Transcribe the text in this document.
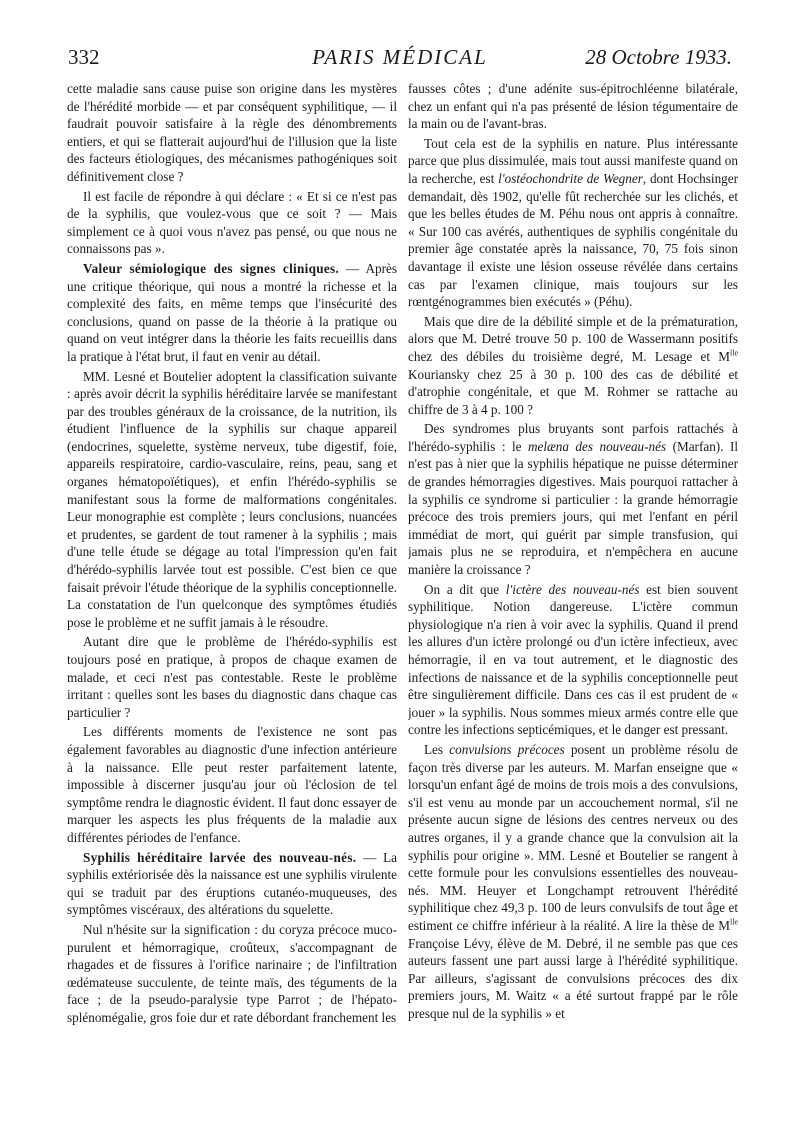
PARIS MÉDICAL
332	28 Octobre 1933.

cette maladie sans cause puise son origine dans les mystères de l'hérédité morbide — et par conséquent syphilitique, — il faudrait pouvoir satisfaire à la règle des dénombrements entiers, et qui se flatterait aujourd'hui de l'illusion que la liste des facteurs étiologiques, des mécanismes pathogéniques soit définitivement close ?

Il est facile de répondre à qui déclare : « Et si ce n'est pas de la syphilis, que voulez-vous que ce soit ? — Mais simplement ce à quoi vous n'avez pas pensé, ou que nous ne connaissons pas ».

Valeur sémiologique des signes cliniques. — Après une critique théorique, qui nous a montré la richesse et la complexité des faits, en même temps que l'insécurité des conclusions, quand on passe de la théorie à la pratique ou quand on veut intégrer dans la théorie les faits recueillis dans la pratique à l'état brut, il faut en venir au détail.

MM. Lesné et Boutelier adoptent la classification suivante : après avoir décrit la syphilis héréditaire larvée se manifestant par des troubles généraux de la croissance, de la nutrition, ils étudient l'influence de la syphilis sur chaque appareil (endocrines, squelette, système nerveux, tube digestif, foie, appareils respiratoire, cardio-vasculaire, reins, peau, sang et organes hématopoïétiques), et enfin l'hérédo-syphilis se manifestant sous la forme de malformations congénitales. Leur monographie est complète ; leurs conclusions, nuancées et prudentes, se gardent de tout ramener à la syphilis ; mais d'une telle étude se dégage au total l'impression qu'en fait d'hérédo-syphilis larvée tout est possible. C'est bien ce que faisait prévoir l'étude théorique de la syphilis conceptionnelle. La constatation de l'un quelconque des symptômes étudiés pose le problème et ne suffit jamais à le résoudre.

Autant dire que le problème de l'hérédo-syphilis est toujours posé en pratique, à propos de chaque examen de malade, et ceci n'est pas contestable. Reste le problème irritant : quelles sont les bases du diagnostic dans chaque cas particulier ?

Les différents moments de l'existence ne sont pas également favorables au diagnostic d'une infection antérieure à la naissance. Elle peut rester parfaitement latente, impossible à discerner jusqu'au jour où l'éclosion de tel symptôme rendra le diagnostic évident. Il faut donc essayer de marquer les aspects les plus fréquents de la maladie aux différentes périodes de l'enfance.

Syphilis héréditaire larvée des nouveau-nés. — La syphilis extériorisée dès la naissance est une syphilis virulente qui se traduit par des éruptions cutanéo-muqueuses, des symptômes viscéraux, des altérations du squelette.

Nul n'hésite sur la signification : du coryza précoce muco-purulent et hémorragique, croûteux, s'accompagnant de rhagades et de fissures à l'orifice narinaire ; de l'infiltration œdémateuse succulente, de teinte maïs, des téguments de la face ; de la pseudo-paralysie type Parrot ; de l'hépato-splénomégalie, gros foie dur et rate débordant franchement les

fausses côtes ; d'une adénite sus-épitrochléenne bilatérale, chez un enfant qui n'a pas présenté de lésion tégumentaire de la main ou de l'avant-bras.

Tout cela est de la syphilis en nature. Plus intéressante parce que plus dissimulée, mais tout aussi manifeste quand on la recherche, est l'ostéochondrite de Wegner, dont Hochsinger demandait, dès 1902, qu'elle fût recherchée sur les clichés, et que les belles études de M. Péhu nous ont appris à connaître. « Sur 100 cas avérés, authentiques de syphilis congénitale du premier âge constatée après la naissance, 70, 75 fois sinon davantage il existe une lésion osseuse révélée dans certains cas par l'examen clinique, mais toujours sur les rœntgénogrammes bien exécutés » (Péhu).

Mais que dire de la débilité simple et de la prématuration, alors que M. Detré trouve 50 p. 100 de Wassermann positifs chez des débiles du troisième degré, M. Lesage et $M^{lle}$ Kouriansky chez 25 à 30 p. 100 des cas de débilité et d'atrophie congénitale, et que M. Rohmer se rattache au chiffre de 3 à 4 p. 100 ?

Des syndromes plus bruyants sont parfois rattachés à l'hérédo-syphilis : le melæna des nouveau-nés (Marfan). Il n'est pas à nier que la syphilis hépatique ne puisse déterminer de grandes hémorragies digestives. Mais pourquoi rattacher à la syphilis ce syndrome si particulier : la grande hémorragie précoce des trois premiers jours, qui met l'enfant en péril immédiat de mort, qui guérit par simple transfusion, qui jamais plus ne se reproduira, et n'empêchera en aucune manière la croissance ?

On a dit que l'ictère des nouveau-nés est bien souvent syphilitique. Notion dangereuse. L'ictère commun physiologique n'a rien à voir avec la syphilis. Quand il prend les allures d'un ictère prolongé ou d'un ictère infectieux, avec hémorragie, il en va tout autrement, et le diagnostic des infections de naissance et de la syphilis conceptionnelle peut être singulièrement difficile. Dans ces cas il est prudent de « jouer » la syphilis. Nous sommes mieux armés contre elle que contre les infections septicémiques, et le danger est pressant.

Les convulsions précoces posent un problème résolu de façon très diverse par les auteurs. M. Marfan enseigne que « lorsqu'un enfant âgé de moins de trois mois a des convulsions, s'il est venu au monde par un accouchement normal, s'il ne présente aucun signe de lésions des centres nerveux ou des autres organes, il y a grande chance que la convulsion ait la syphilis pour origine ». MM. Lesné et Boutelier se rangent à cette formule pour les convulsions essentielles des nouveau-nés. MM. Heuyer et Longchampt retrouvent l'hérédité syphilitique chez 49,3 p. 100 de leurs convulsifs de tout âge et estiment ce chiffre inférieur à la réalité. A lire la thèse de $M^{lle}$ Françoise Lévy, élève de M. Debré, il ne semble pas que ces auteurs fassent une part aussi large à l'hérédité syphilitique. Par ailleurs, s'agissant de convulsions précoces des dix premiers jours, M. Waitz « a été surtout frappé par le rôle presque nul de la syphilis » et
